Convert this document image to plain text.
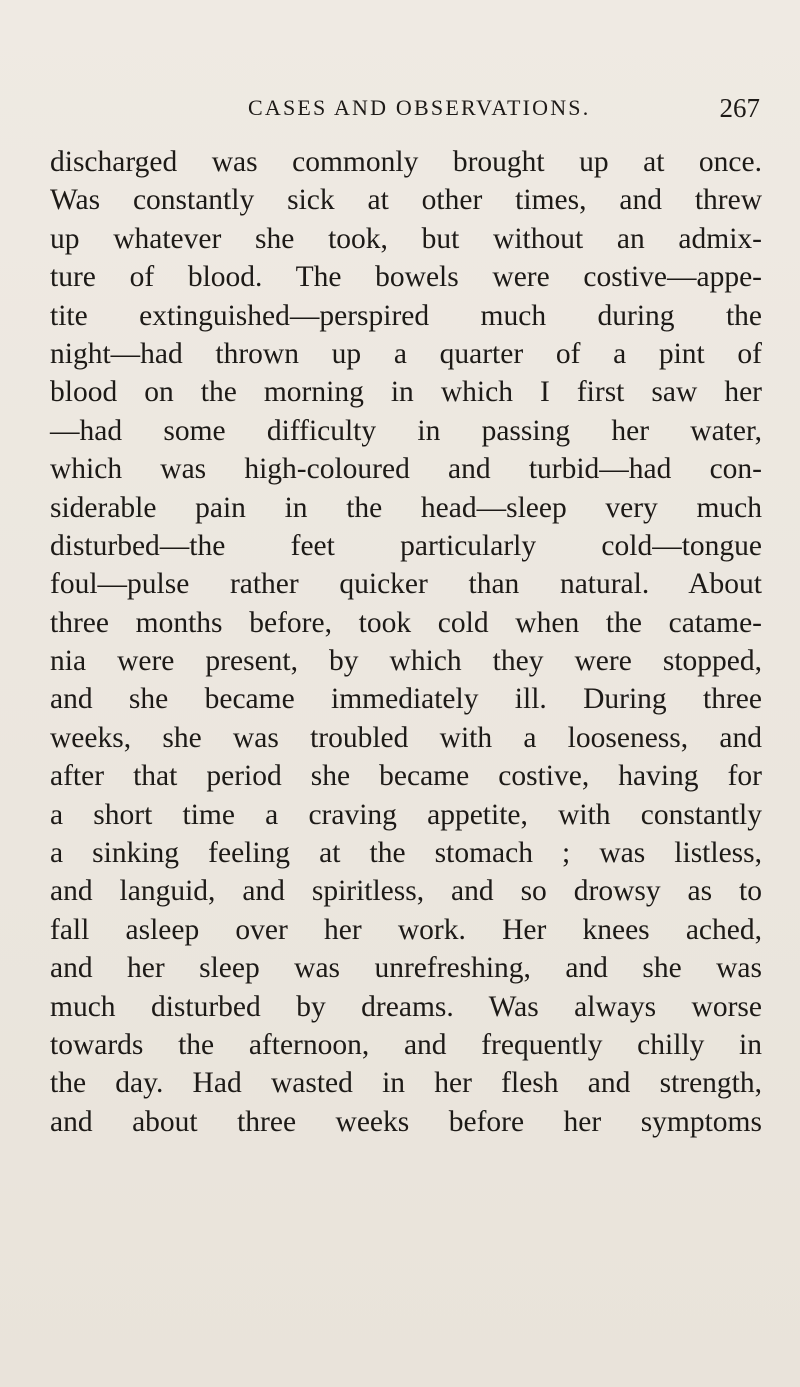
CASES AND OBSERVATIONS.	267
discharged was commonly brought up at once.
Was constantly sick at other times, and threw
up whatever she took, but without an admix-
ture of blood. The bowels were costive—appe-
tite extinguished—perspired much during the
night—had thrown up a quarter of a pint of
blood on the morning in which I first saw her
—had some difficulty in passing her water,
which was high-coloured and turbid—had con-
siderable pain in the head—sleep very much
disturbed—the feet particularly cold—tongue
foul—pulse rather quicker than natural. About
three months before, took cold when the catame-
nia were present, by which they were stopped,
and she became immediately ill. During three
weeks, she was troubled with a looseness, and
after that period she became costive, having for
a short time a craving appetite, with constantly
a sinking feeling at the stomach ; was listless,
and languid, and spiritless, and so drowsy as to
fall asleep over her work. Her knees ached,
and her sleep was unrefreshing, and she was
much disturbed by dreams. Was always worse
towards the afternoon, and frequently chilly in
the day. Had wasted in her flesh and strength,
and about three weeks before her symptoms
